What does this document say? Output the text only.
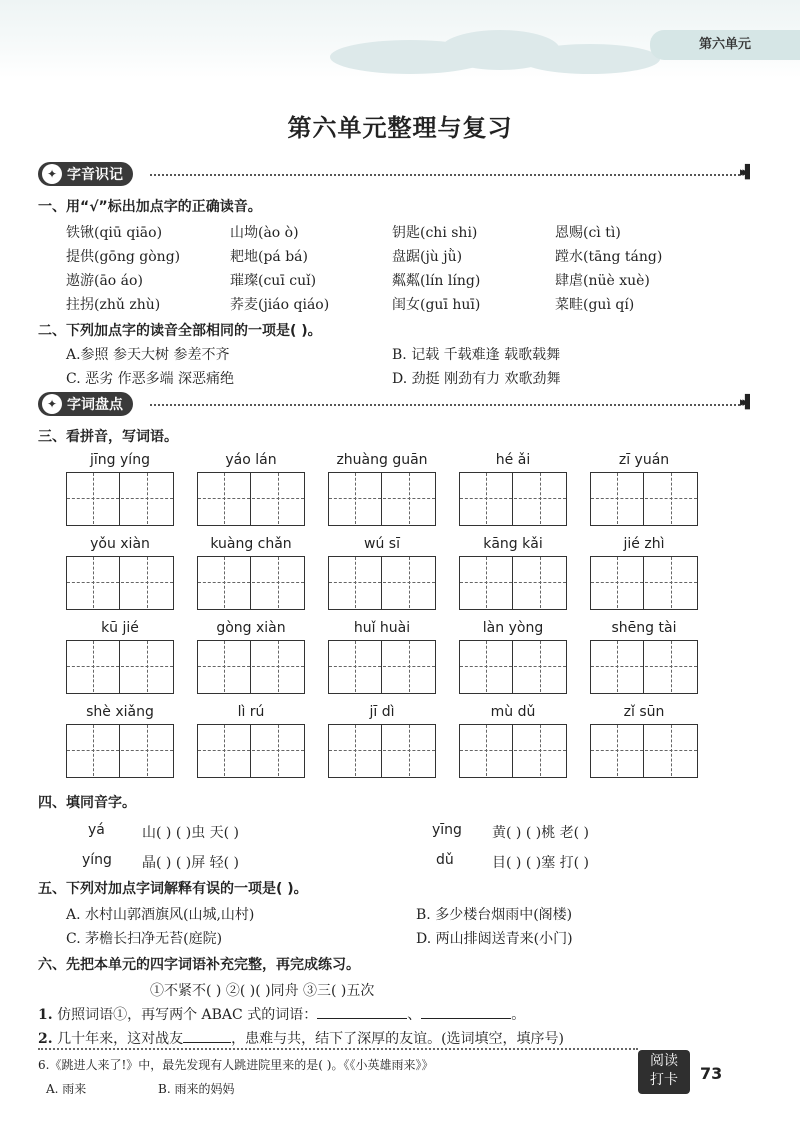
第六单元
第六单元整理与复习
✦ 字音识记	▸▸▌
一、用“√”标出加点字的正确读音。
铁锹(qiū qiāo)	山坳(ào ò)	钥匙(chi shi)	恩赐(cì tì)
提供(gōng gòng)	耙地(pá bá)	盘踞(jù jǜ)	蹚水(tāng táng)
遨游(āo áo)	璀璨(cuī cuǐ)	粼粼(lín líng)	肆虐(nüè xuè)
拄拐(zhǔ zhù)	荞麦(jiáo qiáo)	闺女(guī huī)	菜畦(guì qí)
二、下列加点字的读音全部相同的一项是( )。
A.参照 参天大树 参差不齐	B. 记载 千载难逢 载歌载舞
C. 恶劣 作恶多端 深恶痛绝	D. 劲挺 刚劲有力 欢歌劲舞
✦ 字词盘点	▸▸▌
三、看拼音，写词语。
jīng yíng	yáo lán	zhuàng guān	hé ǎi	zī yuán
yǒu xiàn	kuàng chǎn	wú sī	kāng kǎi	jié zhì
kū jié	gòng xiàn	huǐ huài	làn yòng	shēng tài
shè xiǎng	lì rú	jī dì	mù dǔ	zǐ sūn
四、填同音字。
yá	山( ) ( )虫 天( )	yīng 黄( ) ( )桃 老( )
yíng 晶( ) ( )屏 轻( )	dǔ	目( ) ( )塞 打( )
五、下列对加点字词解释有误的一项是( )。
A. 水村山郭酒旗风(山城,山村)	B. 多少楼台烟雨中(阁楼)
C. 茅檐长扫净无苔(庭院)	D. 两山排闼送青来(小门)
六、先把本单元的四字词语补充完整，再完成练习。
①不紧不( ) ②( )( )同舟 ③三( )五次
1. 仿照词语①，再写两个 ABAC 式的词语：	、	。
2. 几十年来，这对战友	，患难与共，结下了深厚的友谊。(选词填空，填序号)
6.《跳进人来了!》中，最先发现有人跳进院里来的是( )。《《小英雄雨来》》
A. 雨来	B. 雨来的妈妈
阅读
打卡	73
